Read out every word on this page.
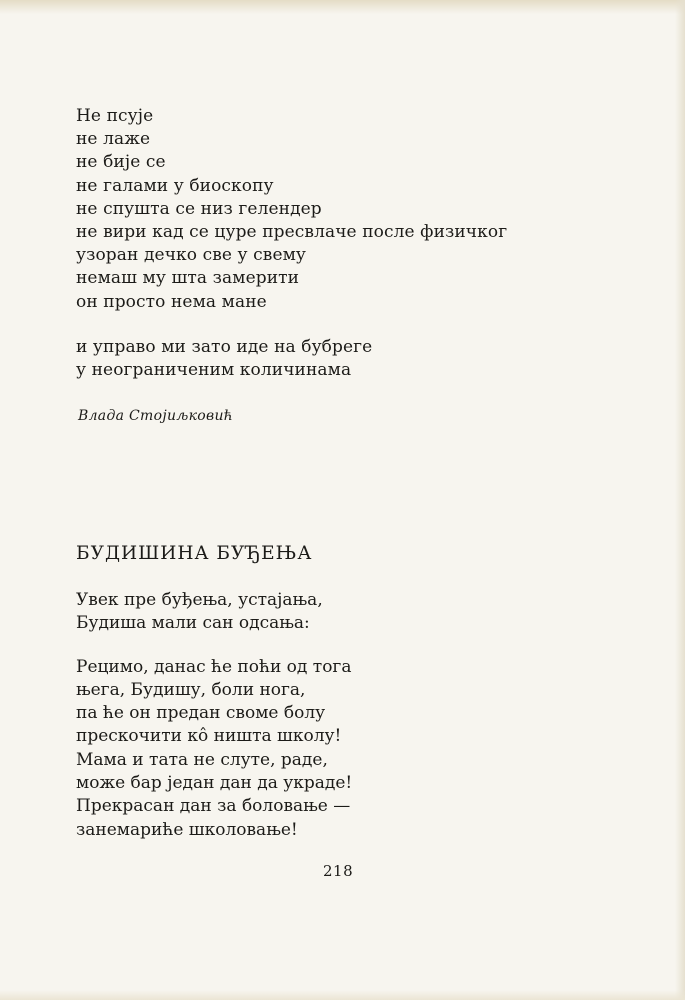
Не псује
не лаже
не бије се
не галами у биоскопу
не спушта се низ гелендер
не вири кад се цуре пресвлаче после физичког
узоран дечко све у свему
немаш му шта замерити
он просто нема мане
и управо ми зато иде на бубреге
у неограниченим количинама
Влада Стојиљковић
БУДИШИНА БУЂЕЊА
Увек пре буђења, устајања,
Будиша мали сан одсања:
Рецимо, данас ће поћи од тога
њега, Будишу, боли нога,
па ће он предан своме болу
прескочити кô ништа школу!
Мама и тата не слуте, раде,
може бар један дан да украде!
Прекрасан дан за боловање —
занемариће школовање!
218
